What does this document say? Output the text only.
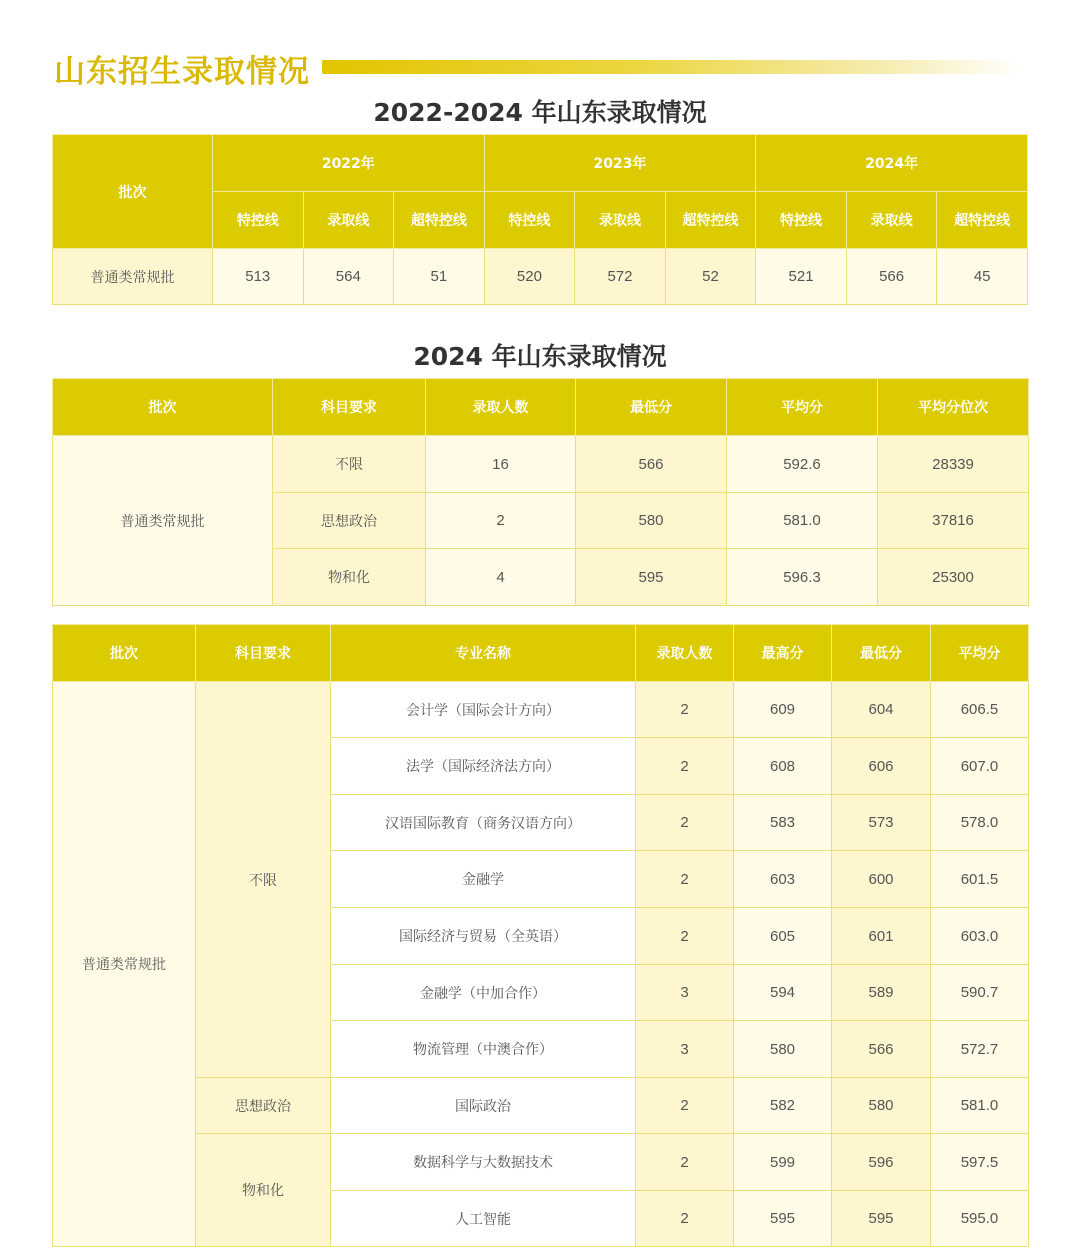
山东招生录取情况
2022-2024 年山东录取情况
批次	2022年			2023年			2024年		
	特控线	录取线	超特控线	特控线	录取线	超特控线	特控线	录取线	超特控线
普通类常规批	513	564	51	520	572	52	521	566	45
2024 年山东录取情况
批次	科目要求	录取人数	最低分	平均分	平均分位次
普通类常规批	不限	16	566	592.6	28339
	思想政治	2	580	581.0	37816
	物和化	4	595	596.3	25300
批次	科目要求	专业名称	录取人数	最高分	最低分	平均分
普通类常规批	不限	会计学（国际会计方向）	2	609	604	606.5
		法学（国际经济法方向）	2	608	606	607.0
		汉语国际教育（商务汉语方向）	2	583	573	578.0
		金融学	2	603	600	601.5
		国际经济与贸易（全英语）	2	605	601	603.0
		金融学（中加合作）	3	594	589	590.7
		物流管理（中澳合作）	3	580	566	572.7
	思想政治	国际政治	2	582	580	581.0
	物和化	数据科学与大数据技术	2	599	596	597.5
		人工智能	2	595	595	595.0
